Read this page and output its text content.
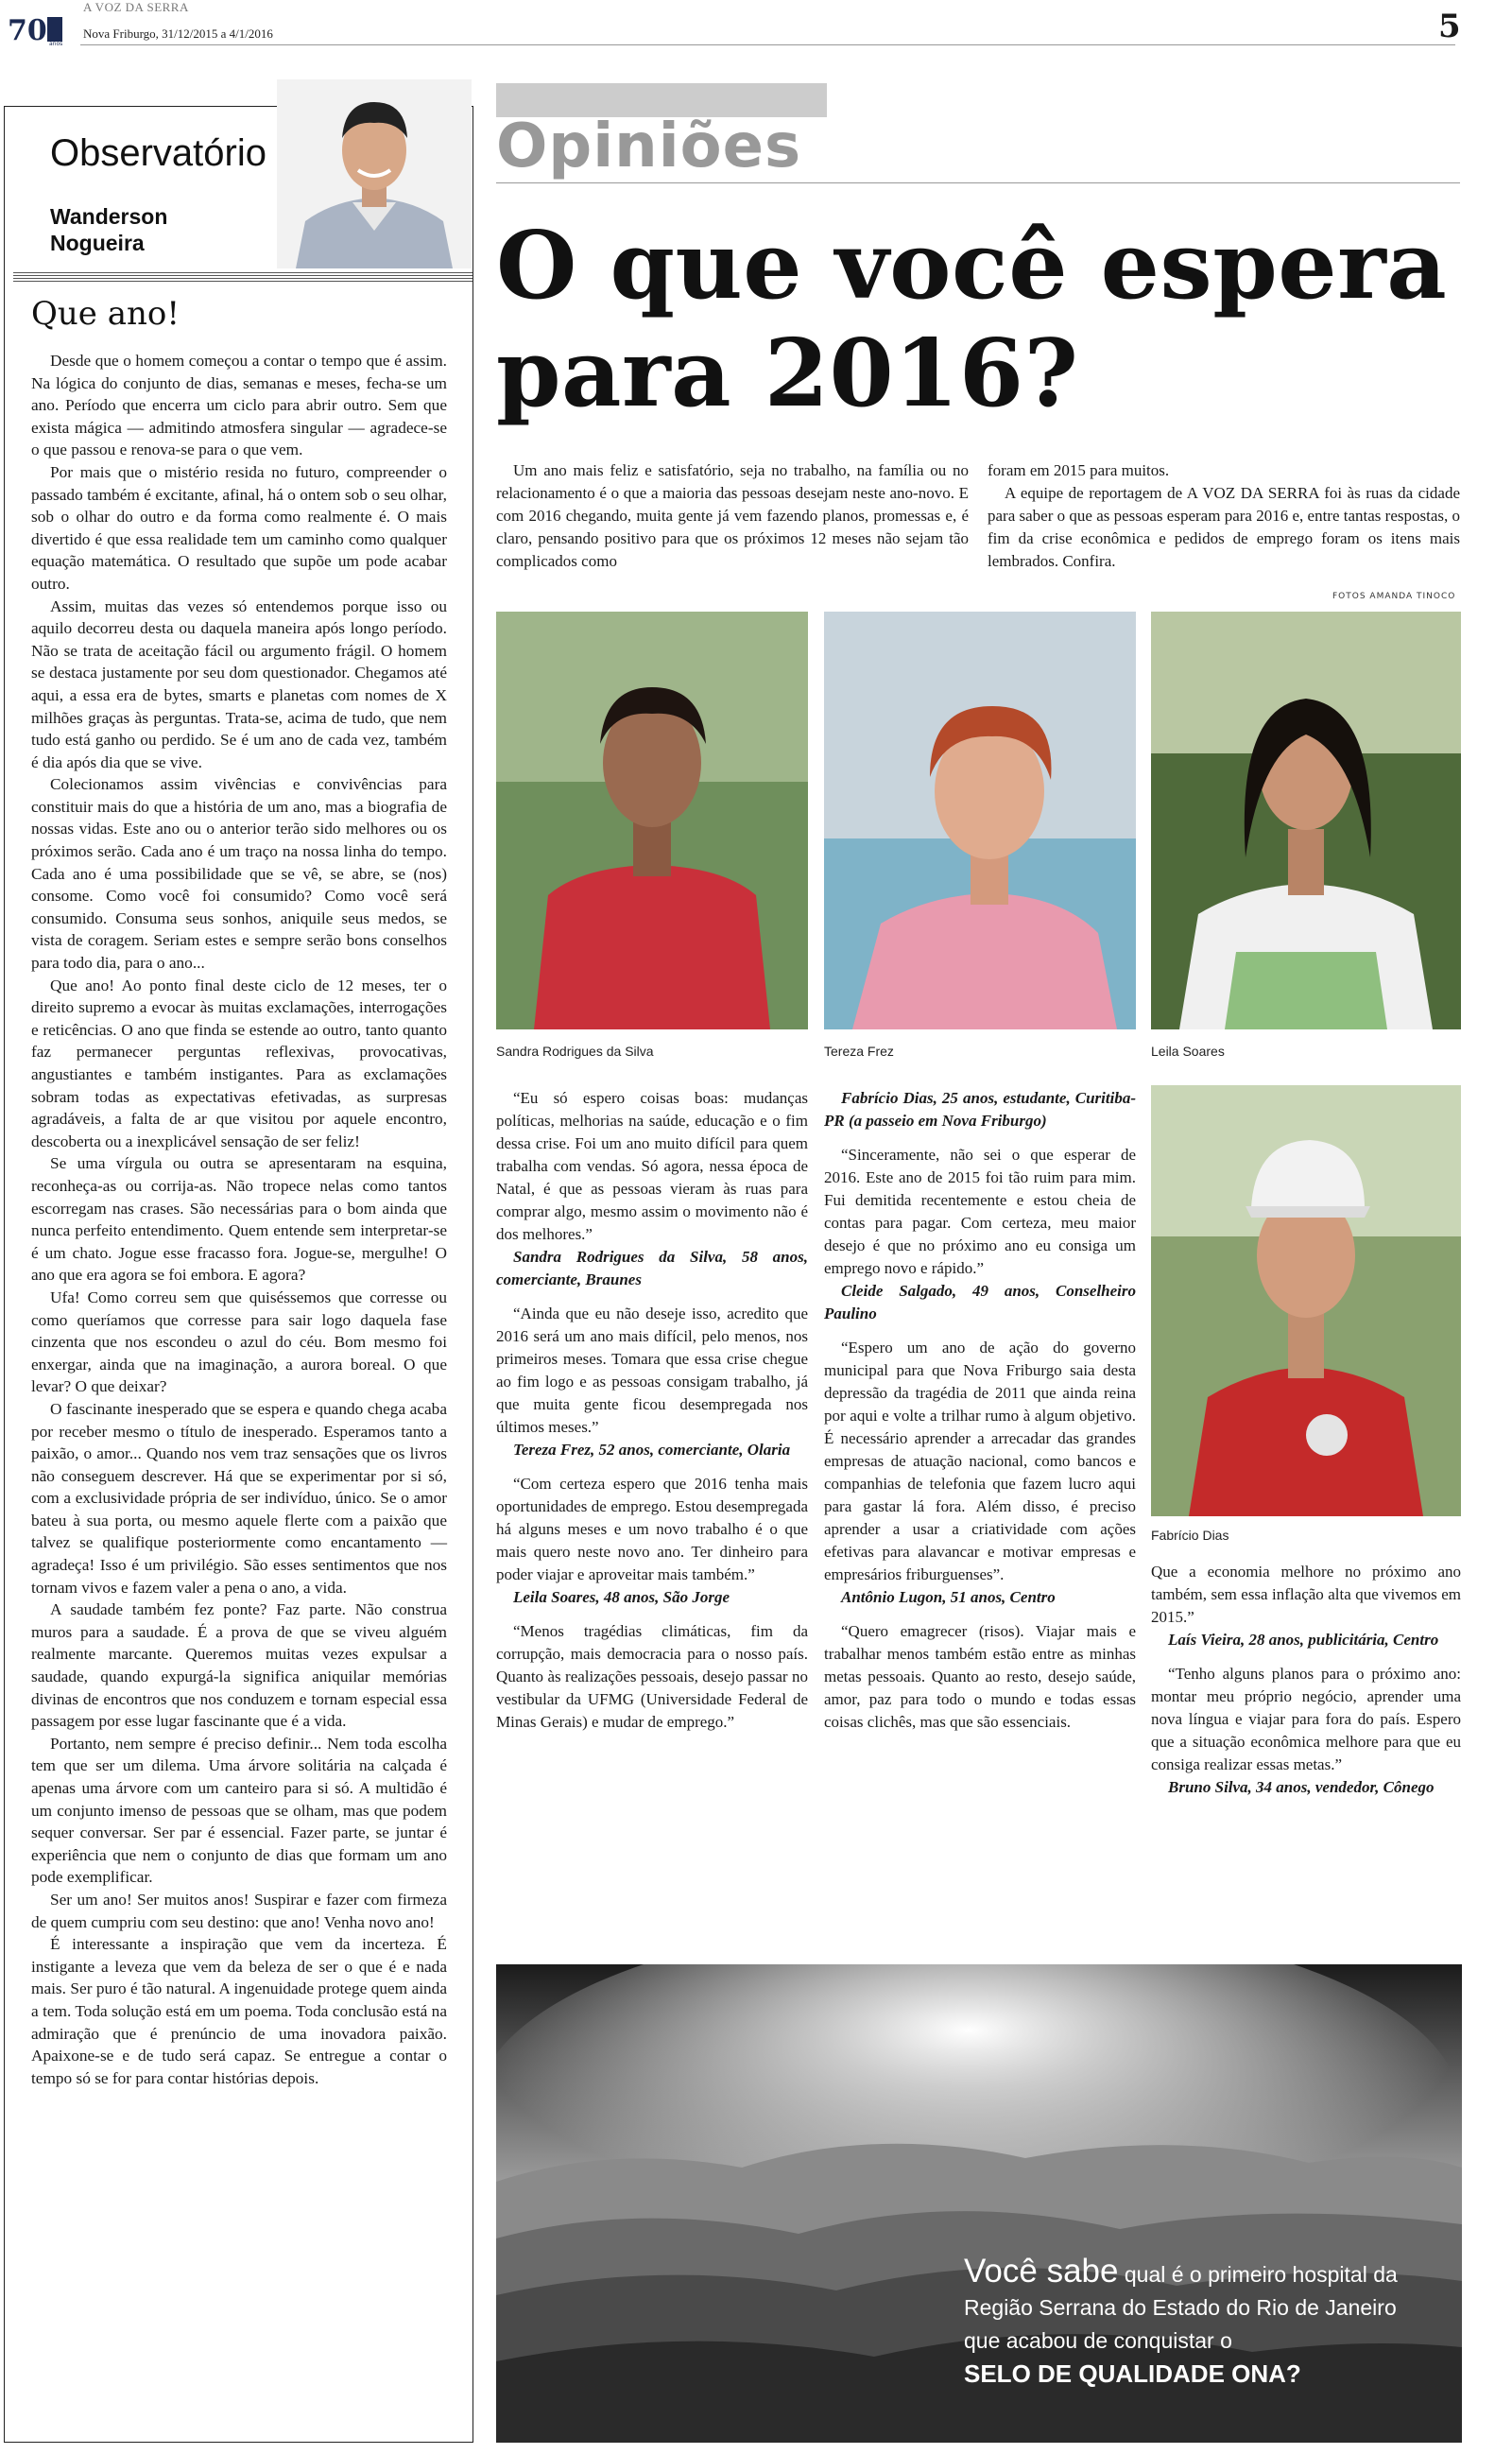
70 anos
A VOZ DA SERRA
Nova Friburgo, 31/12/2015 a 4/1/2016	5
Observatório
Wanderson
Nogueira
Que ano!

Desde que o homem começou a contar o tempo que é assim. Na lógica do conjunto de dias, semanas e meses, fecha-se um ano. Período que encerra um ciclo para abrir outro. Sem que exista mágica — admitindo atmosfera singular — agradece-se o que passou e renova-se para o que vem.

Por mais que o mistério resida no futuro, compreender o passado também é excitante, afinal, há o ontem sob o seu olhar, sob o olhar do outro e da forma como realmente é. O mais divertido é que essa realidade tem um caminho como qualquer equação matemática. O resultado que supõe um pode acabar outro.

Assim, muitas das vezes só entendemos porque isso ou aquilo decorreu desta ou daquela maneira após longo período. Não se trata de aceitação fácil ou argumento frágil. O homem se destaca justamente por seu dom questionador. Chegamos até aqui, a essa era de bytes, smarts e planetas com nomes de X milhões graças às perguntas. Trata-se, acima de tudo, que nem tudo está ganho ou perdido. Se é um ano de cada vez, também é dia após dia que se vive.

Colecionamos assim vivências e convivências para constituir mais do que a história de um ano, mas a biografia de nossas vidas. Este ano ou o anterior terão sido melhores ou os próximos serão. Cada ano é um traço na nossa linha do tempo. Cada ano é uma possibilidade que se vê, se abre, se (nos) consome. Como você foi consumido? Como você será consumido. Consuma seus sonhos, aniquile seus medos, se vista de coragem. Seriam estes e sempre serão bons conselhos para todo dia, para o ano...

Que ano! Ao ponto final deste ciclo de 12 meses, ter o direito supremo a evocar às muitas exclamações, interrogações e reticências. O ano que finda se estende ao outro, tanto quanto faz permanecer perguntas reflexivas, provocativas, angustiantes e também instigantes. Para as exclamações sobram todas as expectativas efetivadas, as surpresas agradáveis, a falta de ar que visitou por aquele encontro, descoberta ou a inexplicável sensação de ser feliz!

Se uma vírgula ou outra se apresentaram na esquina, reconheça-as ou corrija-as. Não tropece nelas como tantos escorregam nas crases. São necessárias para o bom ainda que nunca perfeito entendimento. Quem entende sem interpretar-se é um chato. Jogue esse fracasso fora. Jogue-se, mergulhe! O ano que era agora se foi embora. E agora?

Ufa! Como correu sem que quiséssemos que corresse ou como queríamos que corresse para sair logo daquela fase cinzenta que nos escondeu o azul do céu. Bom mesmo foi enxergar, ainda que na imaginação, a aurora boreal. O que levar? O que deixar?

O fascinante inesperado que se espera e quando chega acaba por receber mesmo o título de inesperado. Esperamos tanto a paixão, o amor... Quando nos vem traz sensações que os livros não conseguem descrever. Há que se experimentar por si só, com a exclusividade própria de ser indivíduo, único. Se o amor bateu à sua porta, ou mesmo aquele flerte com a paixão que talvez se qualifique posteriormente como encantamento — agradeça! Isso é um privilégio. São esses sentimentos que nos tornam vivos e fazem valer a pena o ano, a vida.

A saudade também fez ponte? Faz parte. Não construa muros para a saudade. É a prova de que se viveu alguém realmente marcante. Queremos muitas vezes expulsar a saudade, quando expurgá-la significa aniquilar memórias divinas de encontros que nos conduzem e tornam especial essa passagem por esse lugar fascinante que é a vida.

Portanto, nem sempre é preciso definir... Nem toda escolha tem que ser um dilema. Uma árvore solitária na calçada é apenas uma árvore com um canteiro para si só. A multidão é um conjunto imenso de pessoas que se olham, mas que podem sequer conversar. Ser par é essencial. Fazer parte, se juntar é experiência que nem o conjunto de dias que formam um ano pode exemplificar.

Ser um ano! Ser muitos anos! Suspirar e fazer com firmeza de quem cumpriu com seu destino: que ano! Venha novo ano!

É interessante a inspiração que vem da incerteza. É instigante a leveza que vem da beleza de ser o que é e nada mais. Ser puro é tão natural. A ingenuidade protege quem ainda a tem. Toda solução está em um poema. Toda conclusão está na admiração que é prenúncio de uma inovadora paixão. Apaixone-se e de tudo será capaz. Se entregue a contar o tempo só se for para contar histórias depois.

Opiniões
O que você espera
para 2016?

Um ano mais feliz e satisfatório, seja no trabalho, na família ou no relacionamento é o que a maioria das pessoas desejam neste ano-novo. E com 2016 chegando, muita gente já vem fazendo planos, promessas e, é claro, pensando positivo para que os próximos 12 meses não sejam tão complicados como

foram em 2015 para muitos.

A equipe de reportagem de A VOZ DA SERRA foi às ruas da cidade para saber o que as pessoas esperam para 2016 e, entre tantas respostas, o fim da crise econômica e pedidos de emprego foram os itens mais lembrados. Confira.

FOTOS AMANDA TINOCO
Sandra Rodrigues da Silva	Tereza Frez	Leila Soares
Fabrício Dias

“Eu só espero coisas boas: mudanças políticas, melhorias na saúde, educação e o fim dessa crise. Foi um ano muito difícil para quem trabalha com vendas. Só agora, nessa época de Natal, é que as pessoas vieram às ruas para comprar algo, mesmo assim o movimento não é dos melhores.”

Sandra Rodrigues da Silva, 58 anos, comerciante, Braunes

“Ainda que eu não deseje isso, acredito que 2016 será um ano mais difícil, pelo menos, nos primeiros meses. Tomara que essa crise chegue ao fim logo e as pessoas consigam trabalho, já que muita gente ficou desempregada nos últimos meses.”

Tereza Frez, 52 anos, comerciante, Olaria

“Com certeza espero que 2016 tenha mais oportunidades de emprego. Estou desempregada há alguns meses e um novo trabalho é o que mais quero neste novo ano. Ter dinheiro para poder viajar e aproveitar mais também.”

Leila Soares, 48 anos, São Jorge

“Menos tragédias climáticas, fim da corrupção, mais democracia para o nosso país. Quanto às realizações pessoais, desejo passar no vestibular da UFMG (Universidade Federal de Minas Gerais) e mudar de emprego.”

Fabrício Dias, 25 anos, estudante, Curitiba-PR (a passeio em Nova Friburgo)

“Sinceramente, não sei o que esperar de 2016. Este ano de 2015 foi tão ruim para mim. Fui demitida recentemente e estou cheia de contas para pagar. Com certeza, meu maior desejo é que no próximo ano eu consiga um emprego novo e rápido.”

Cleide Salgado, 49 anos, Conselheiro Paulino

“Espero um ano de ação do governo municipal para que Nova Friburgo saia desta depressão da tragédia de 2011 que ainda reina por aqui e volte a trilhar rumo à algum objetivo. É necessário aprender a arrecadar das grandes empresas de atuação nacional, como bancos e companhias de telefonia que fazem lucro aqui para gastar lá fora. Além disso, é preciso aprender a usar a criatividade com ações efetivas para alavancar e motivar empresas e empresários friburguenses”.

Antônio Lugon, 51 anos, Centro

“Quero emagrecer (risos). Viajar mais e trabalhar menos também estão entre as minhas metas pessoais. Quanto ao resto, desejo saúde, amor, paz para todo o mundo e todas essas coisas clichês, mas que são essenciais.

Que a economia melhore no próximo ano também, sem essa inflação alta que vivemos em 2015.”

Laís Vieira, 28 anos, publicitária, Centro

“Tenho alguns planos para o próximo ano: montar meu próprio negócio, aprender uma nova língua e viajar para fora do país. Espero que a situação econômica melhore para que eu consiga realizar essas metas.”

Bruno Silva, 34 anos, vendedor, Cônego

Você sabe qual é o primeiro hospital da
Região Serrana do Estado do Rio de Janeiro
que acabou de conquistar o
SELO DE QUALIDADE ONA?
